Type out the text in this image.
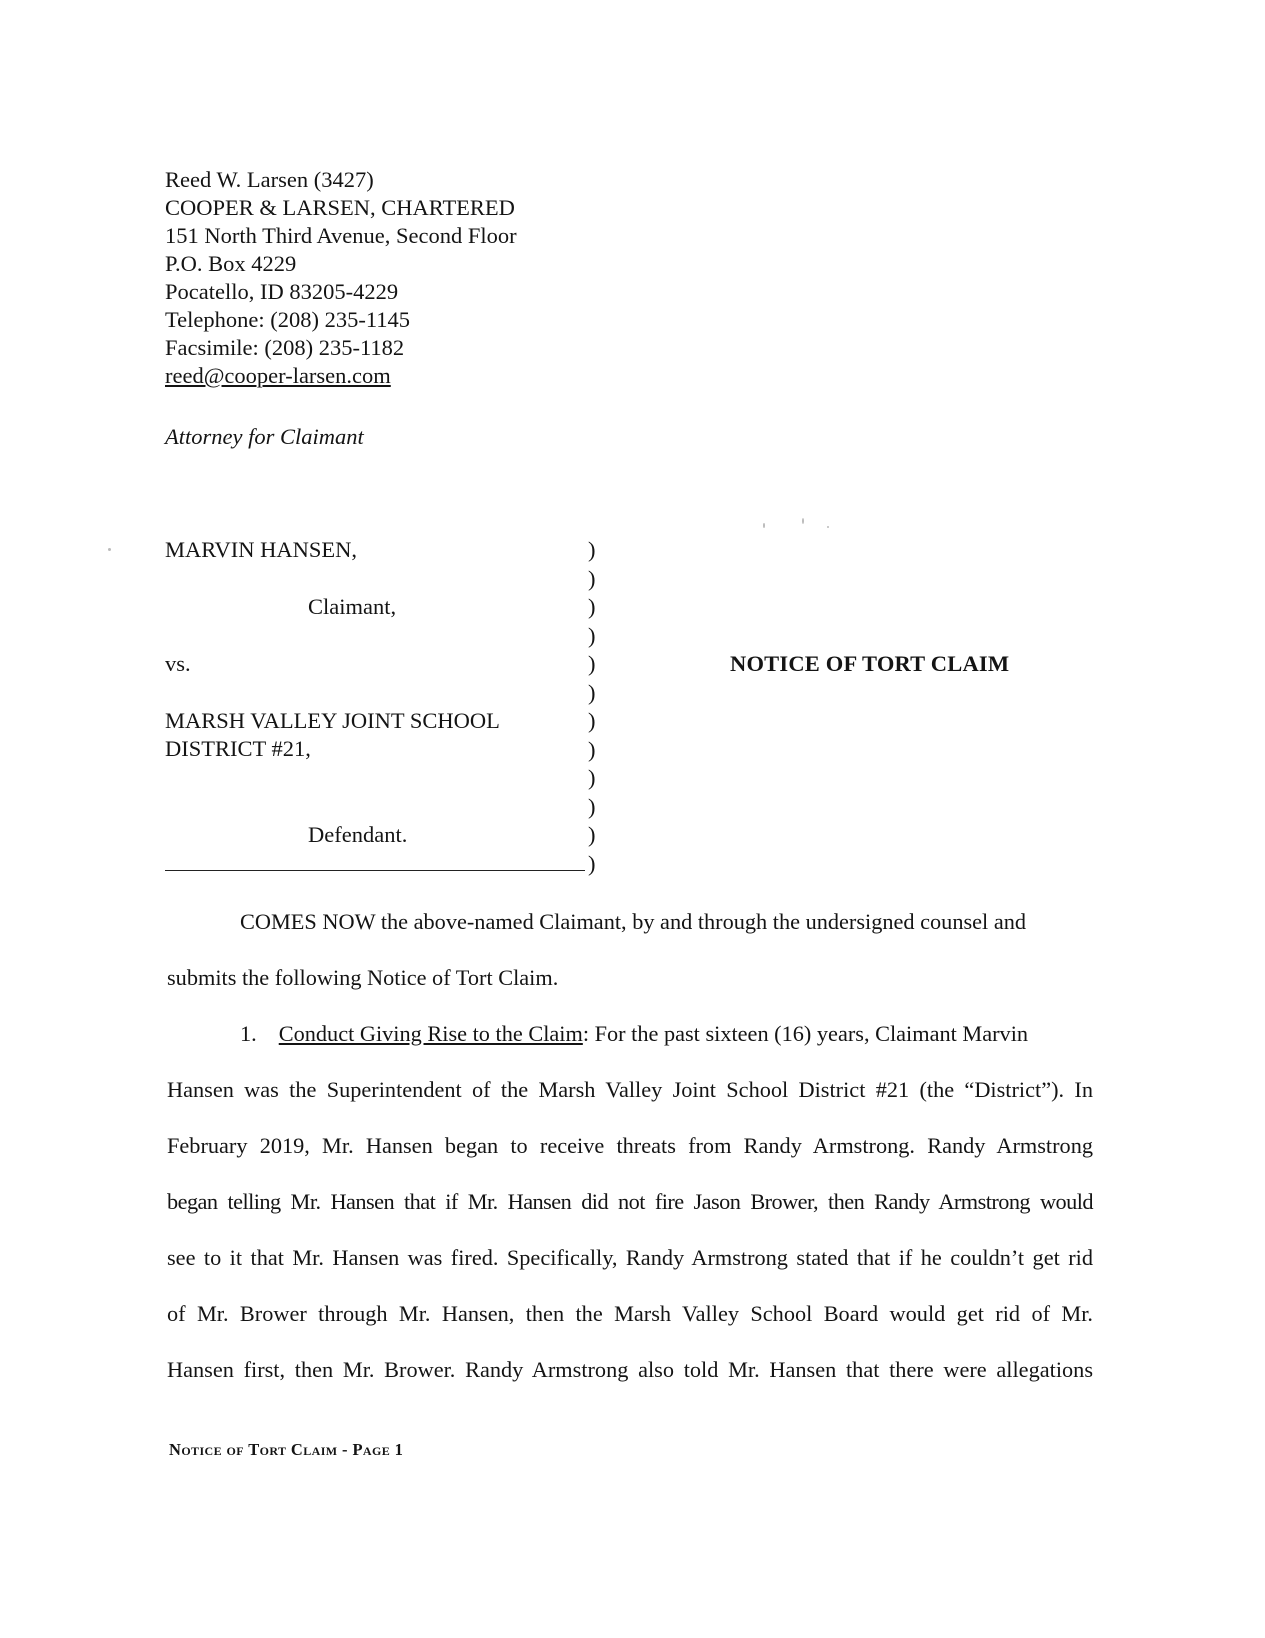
Reed W. Larsen (3427)
COOPER & LARSEN, CHARTERED
151 North Third Avenue, Second Floor
P.O. Box 4229
Pocatello, ID 83205-4229
Telephone: (208) 235-1145
Facsimile: (208) 235-1182
reed@cooper-larsen.com
Attorney for Claimant
MARVIN HANSEN,
Claimant,
vs.
MARSH VALLEY JOINT SCHOOL
DISTRICT #21,
Defendant.
)
)
)
)
)
)
)
)
)
)
)
)
NOTICE OF TORT CLAIM
COMES NOW the above-named Claimant, by and through the undersigned counsel and
submits the following Notice of Tort Claim.
1. Conduct Giving Rise to the Claim: For the past sixteen (16) years, Claimant Marvin
Hansen was the Superintendent of the Marsh Valley Joint School District #21 (the “District”). In
February 2019, Mr. Hansen began to receive threats from Randy Armstrong. Randy Armstrong
began telling Mr. Hansen that if Mr. Hansen did not fire Jason Brower, then Randy Armstrong would
see to it that Mr. Hansen was fired. Specifically, Randy Armstrong stated that if he couldn’t get rid
of Mr. Brower through Mr. Hansen, then the Marsh Valley School Board would get rid of Mr.
Hansen first, then Mr. Brower. Randy Armstrong also told Mr. Hansen that there were allegations
Notice of Tort Claim - Page 1
